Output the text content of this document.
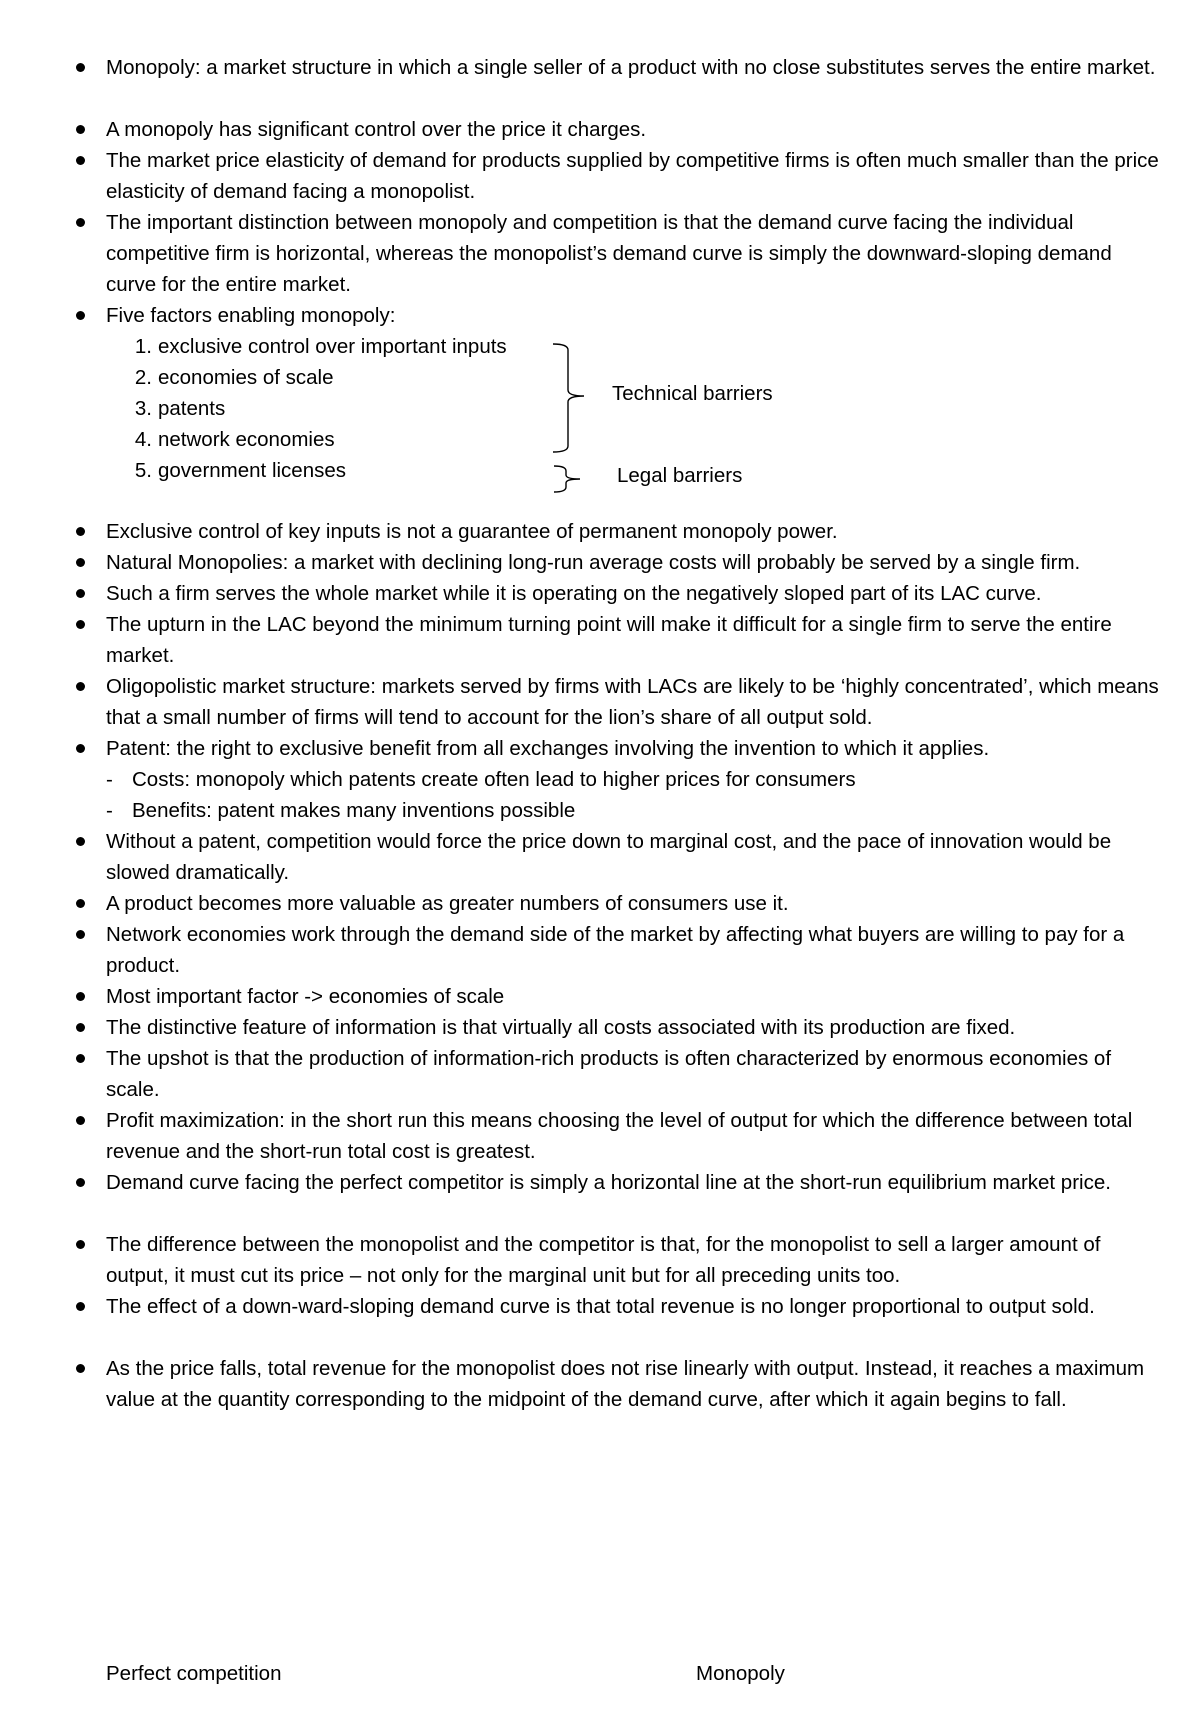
Monopoly: a market structure in which a single seller of a product with no close substitutes serves the entire market.
A monopoly has significant control over the price it charges.
The market price elasticity of demand for products supplied by competitive firms is often much smaller than the price elasticity of demand facing a monopolist.
The important distinction between monopoly and competition is that the demand curve facing the individual competitive firm is horizontal, whereas the monopolist’s demand curve is simply the downward-sloping demand curve for the entire market.
Five factors enabling monopoly:
1. exclusive control over important inputs
2. economies of scale
3. patents
4. network economies
5. government licenses
Technical barriers
Legal barriers
Exclusive control of key inputs is not a guarantee of permanent monopoly power.
Natural Monopolies: a market with declining long-run average costs will probably be served by a single firm.
Such a firm serves the whole market while it is operating on the negatively sloped part of its LAC curve.
The upturn in the LAC beyond the minimum turning point will make it difficult for a single firm to serve the entire market.
Oligopolistic market structure: markets served by firms with LACs are likely to be ‘highly concentrated’, which means that a small number of firms will tend to account for the lion’s share of all output sold.
Patent: the right to exclusive benefit from all exchanges involving the invention to which it applies.
- Costs: monopoly which patents create often lead to higher prices for consumers
- Benefits: patent makes many inventions possible
Without a patent, competition would force the price down to marginal cost, and the pace of innovation would be slowed dramatically.
A product becomes more valuable as greater numbers of consumers use it.
Network economies work through the demand side of the market by affecting what buyers are willing to pay for a product.
Most important factor -> economies of scale
The distinctive feature of information is that virtually all costs associated with its production are fixed.
The upshot is that the production of information-rich products is often characterized by enormous economies of scale.
Profit maximization: in the short run this means choosing the level of output for which the difference between total revenue and the short-run total cost is greatest.
Demand curve facing the perfect competitor is simply a horizontal line at the short-run equilibrium market price.
The difference between the monopolist and the competitor is that, for the monopolist to sell a larger amount of output, it must cut its price – not only for the marginal unit but for all preceding units too.
The effect of a down-ward-sloping demand curve is that total revenue is no longer proportional to output sold.
As the price falls, total revenue for the monopolist does not rise linearly with output. Instead, it reaches a maximum value at the quantity corresponding to the midpoint of the demand curve, after which it again begins to fall.
Perfect competition	Monopoly
